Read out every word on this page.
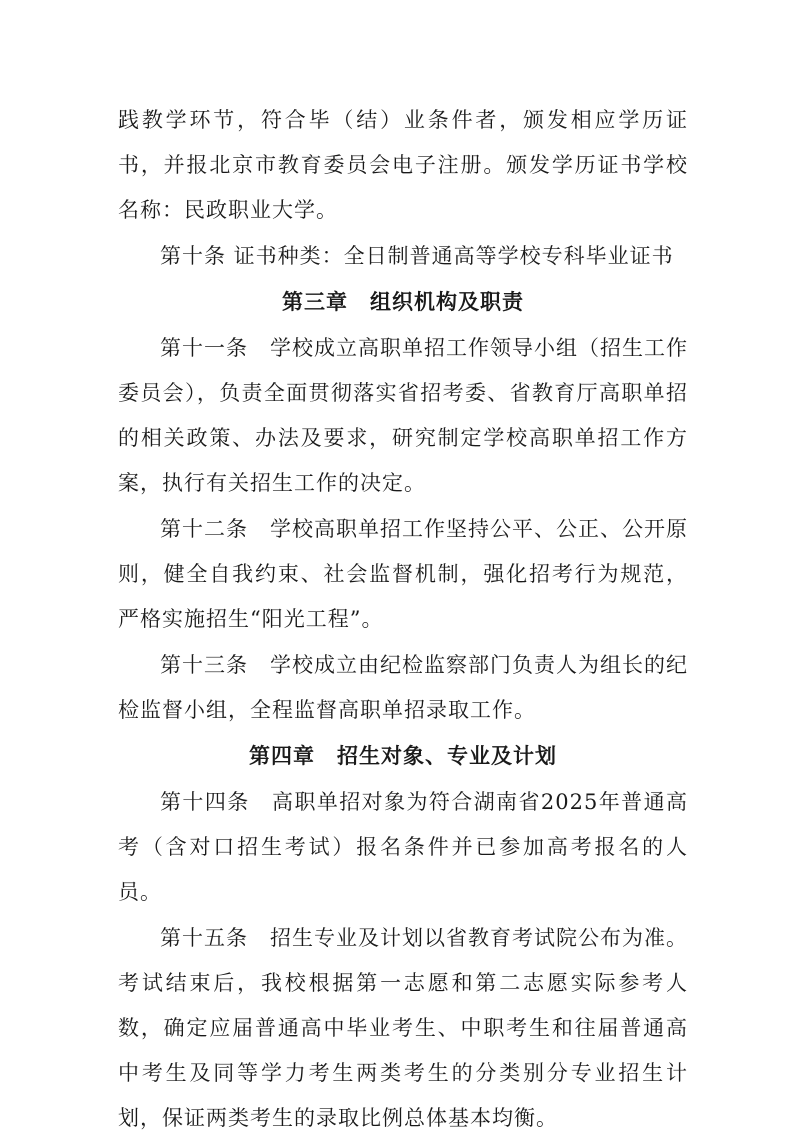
践教学环节，符合毕（结）业条件者，颁发相应学历证书，并报北京市教育委员会电子注册。颁发学历证书学校名称：民政职业大学。

第十条 证书种类：全日制普通高等学校专科毕业证书

第三章　组织机构及职责

第十一条　学校成立高职单招工作领导小组（招生工作委员会），负责全面贯彻落实省招考委、省教育厅高职单招的相关政策、办法及要求，研究制定学校高职单招工作方案，执行有关招生工作的决定。

第十二条　学校高职单招工作坚持公平、公正、公开原则，健全自我约束、社会监督机制，强化招考行为规范，严格实施招生“阳光工程”。

第十三条　学校成立由纪检监察部门负责人为组长的纪检监督小组，全程监督高职单招录取工作。

第四章　招生对象、专业及计划

第十四条　高职单招对象为符合湖南省2025年普通高考（含对口招生考试）报名条件并已参加高考报名的人员。

第十五条　招生专业及计划以省教育考试院公布为准。考试结束后，我校根据第一志愿和第二志愿实际参考人数，确定应届普通高中毕业考生、中职考生和往届普通高中考生及同等学力考生两类考生的分类别分专业招生计划，保证两类考生的录取比例总体基本均衡。
